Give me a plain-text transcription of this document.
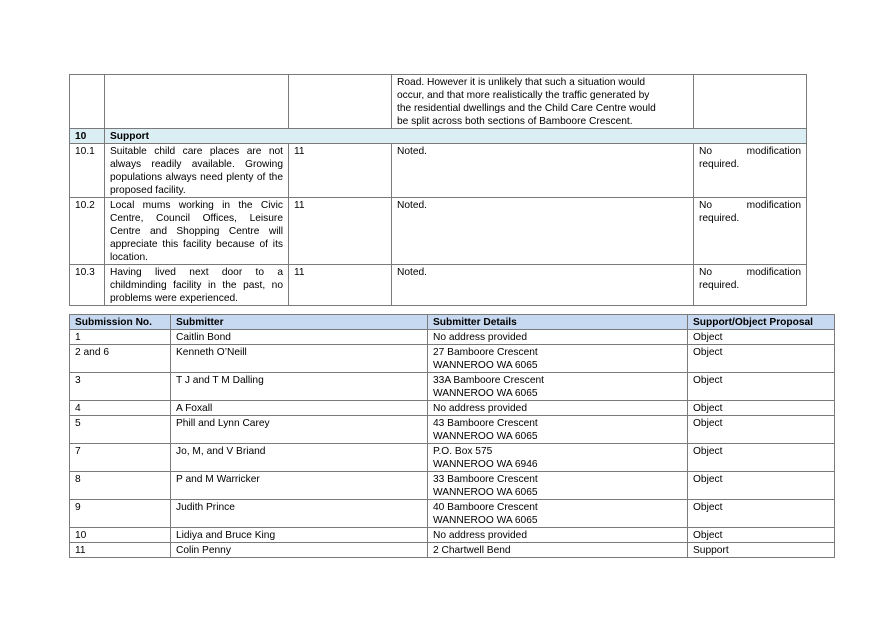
			Road. However it is unlikely that such a situation would
occur, and that more realistically the traffic generated by
the residential dwellings and the Child Care Centre would
be split across both sections of Bamboore Crescent.	

10	Support			
10.1	Suitable child care places are not always readily available. Growing populations always need plenty of the proposed facility.	11	Noted.	No modification
required.

10.2	Local mums working in the Civic Centre, Council Offices, Leisure Centre and Shopping Centre will appreciate this facility because of its location.	11	Noted.	No modification
required.

10.3	Having lived next door to a childminding facility in the past, no problems were experienced.	11	Noted.	No modification
required.
Submission No.	Submitter	Submitter Details	Support/Object Proposal
1	Caitlin Bond	No address provided	Object
2 and 6	Kenneth O’Neill	27 Bamboore Crescent
WANNEROO WA 6065	Object
3	T J and T M Dalling	33A Bamboore Crescent
WANNEROO WA 6065	Object
4	A Foxall	No address provided	Object
5	Phill and Lynn Carey	43 Bamboore Crescent
WANNEROO WA 6065	Object
7	Jo, M, and V Briand	P.O. Box 575
WANNEROO WA 6946	Object
8	P and M Warricker	33 Bamboore Crescent
WANNEROO WA 6065	Object
9	Judith Prince	40 Bamboore Crescent
WANNEROO WA 6065	Object
10	Lidiya and Bruce King	No address provided	Object
11	Colin Penny	2 Chartwell Bend	Support
